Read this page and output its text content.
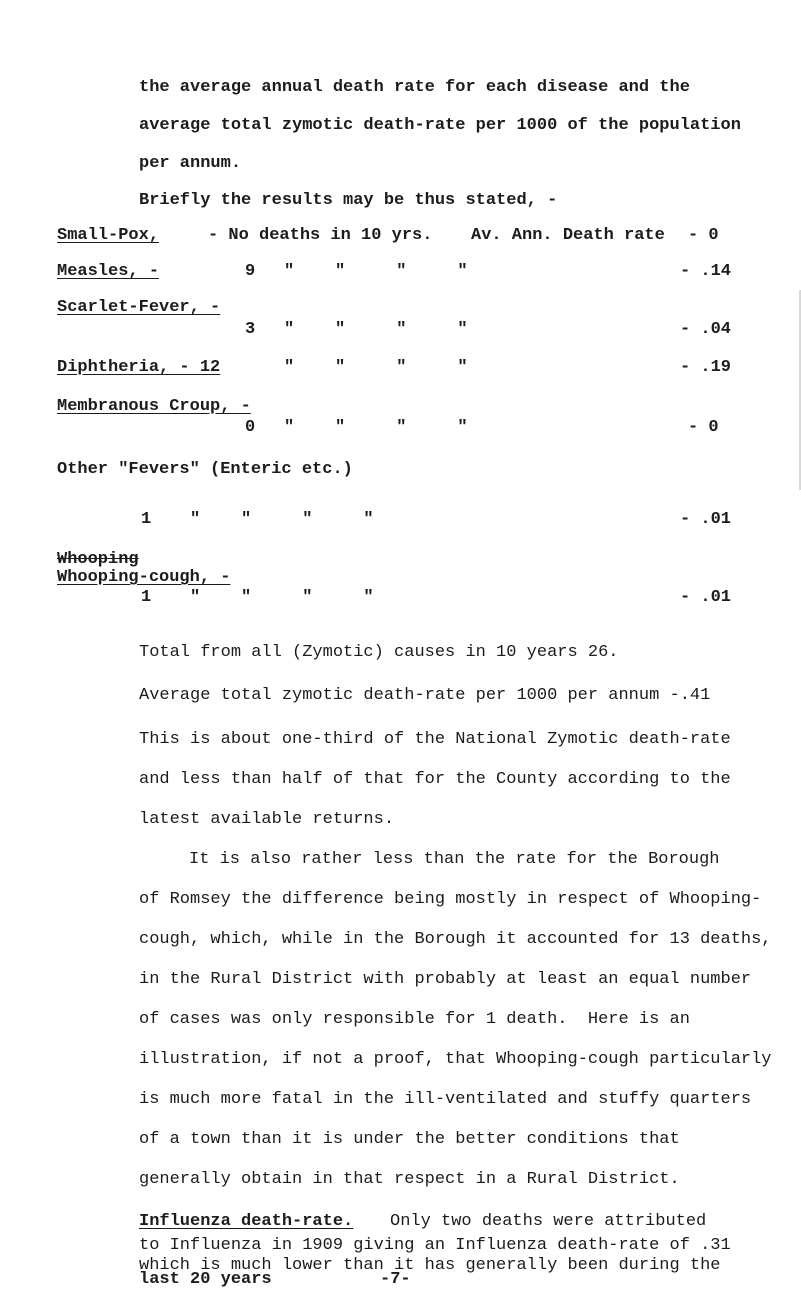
the average annual death rate for each disease and the
average total zymotic death-rate per 1000 of the population
per annum.
Briefly the results may be thus stated, -
Small-Pox,	- No deaths in 10 yrs. Av. Ann. Death rate - 0
Measles, -	9 "    "     "     "	- .14
Scarlet-Fever, -
3 "    "     "     "	- .04
Diphtheria, - 12	"    "     "     "	- .19
Membranous Croup, -
0 "    "     "     "	- 0
Other "Fevers" (Enteric etc.)
1 "    "     "     "	- .01
Whooping
Whooping-cough, -
1 "    "     "     "	- .01
Total from all (Zymotic) causes in 10 years 26.
Average total zymotic death-rate per 1000 per annum -.41
This is about one-third of the National Zymotic death-rate
and less than half of that for the County according to the
latest available returns.
It is also rather less than the rate for the Borough
of Romsey the difference being mostly in respect of Whooping-
cough, which, while in the Borough it accounted for 13 deaths,
in the Rural District with probably at least an equal number
of cases was only responsible for 1 death.  Here is an
illustration, if not a proof, that Whooping-cough particularly
is much more fatal in the ill-ventilated and stuffy quarters
of a town than it is under the better conditions that
generally obtain in that respect in a Rural District.
Influenza death-rate. Only two deaths were attributed
to Influenza in 1909 giving an Influenza death-rate of .31
which is much lower than it has generally been during the
last 20 years	-7-
